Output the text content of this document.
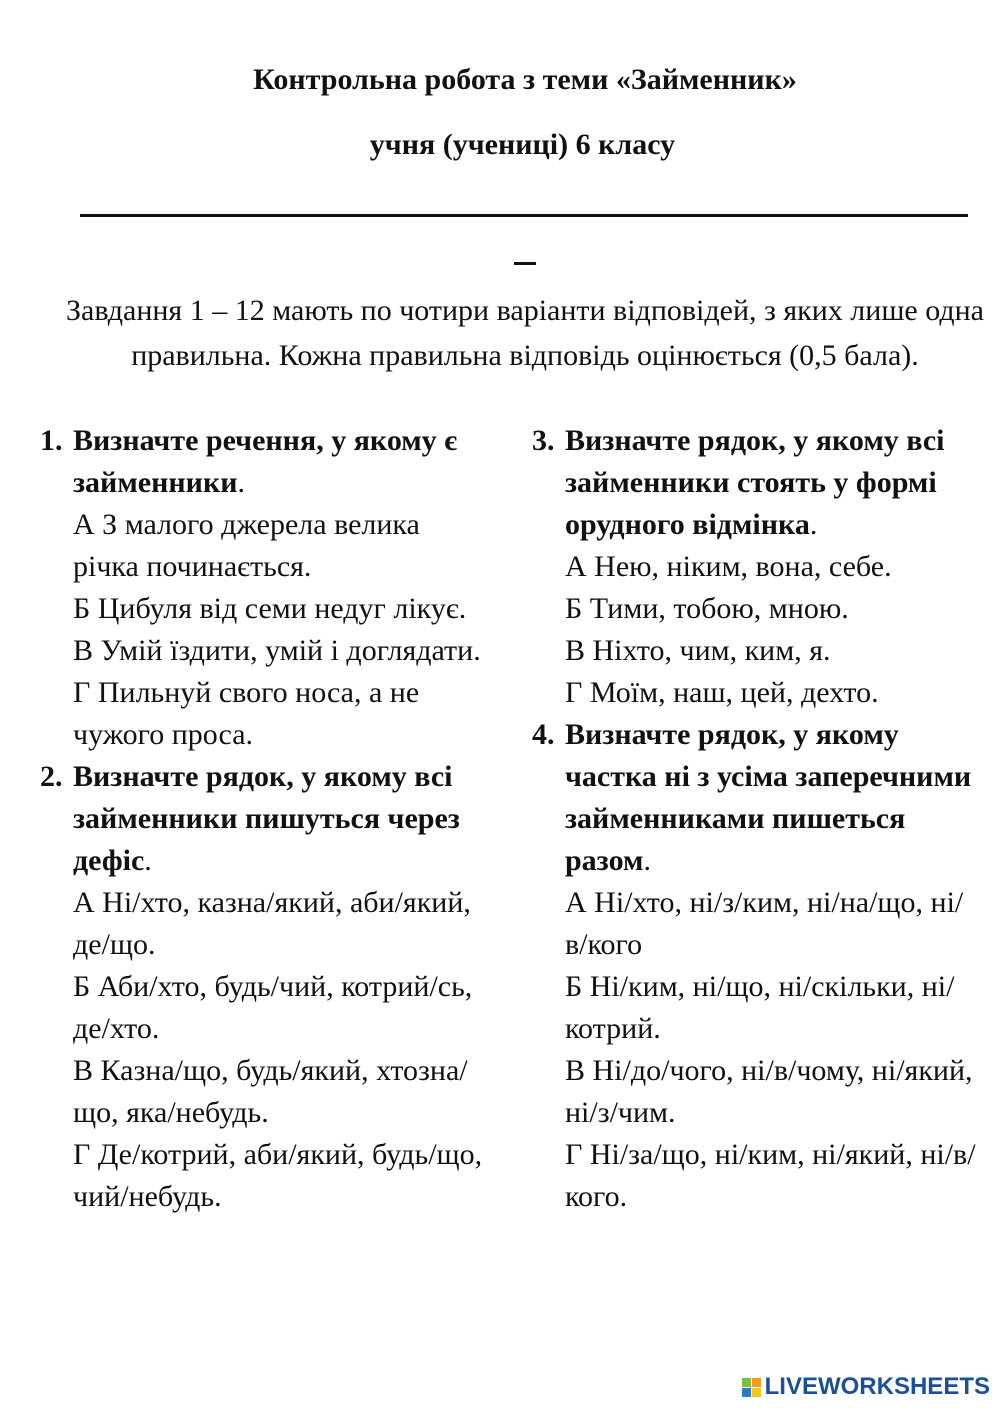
Контрольна робота з теми «Займенник»
учня (учениці) 6 класу
Завдання 1 – 12 мають по чотири варіанти відповідей, з яких лише одна правильна. Кожна правильна відповідь оцінюється (0,5 бала).
1. Визначте речення, у якому є займенники.
А З малого джерела велика річка починається.
Б Цибуля від семи недуг лікує.
В Умій їздити, умій і доглядати.
Г Пильнуй свого носа, а не чужого проса.
2. Визначте рядок, у якому всі займенники пишуться через дефіс.
А Ні/хто, казна/який, аби/який, де/що.
Б Аби/хто, будь/чий, котрий/сь, де/хто.
В Казна/що, будь/який, хтозна/що, яка/небудь.
Г Де/котрий, аби/який, будь/що, чий/небудь.
3. Визначте рядок, у якому всі займенники стоять у формі орудного відмінка.
А Нею, ніким, вона, себе.
Б Тими, тобою, мною.
В Ніхто, чим, ким, я.
Г Моїм, наш, цей, дехто.
4. Визначте рядок, у якому частка ні з усіма заперечними займенниками пишеться разом.
А Ні/хто, ні/з/ким, ні/на/що, ні/в/кого
Б Ні/ким, ні/що, ні/скільки, ні/котрий.
В Ні/до/чого, ні/в/чому, ні/який, ні/з/чим.
Г Ні/за/що, ні/ким, ні/який, ні/в/кого.
LIVEWORKSHEETS
